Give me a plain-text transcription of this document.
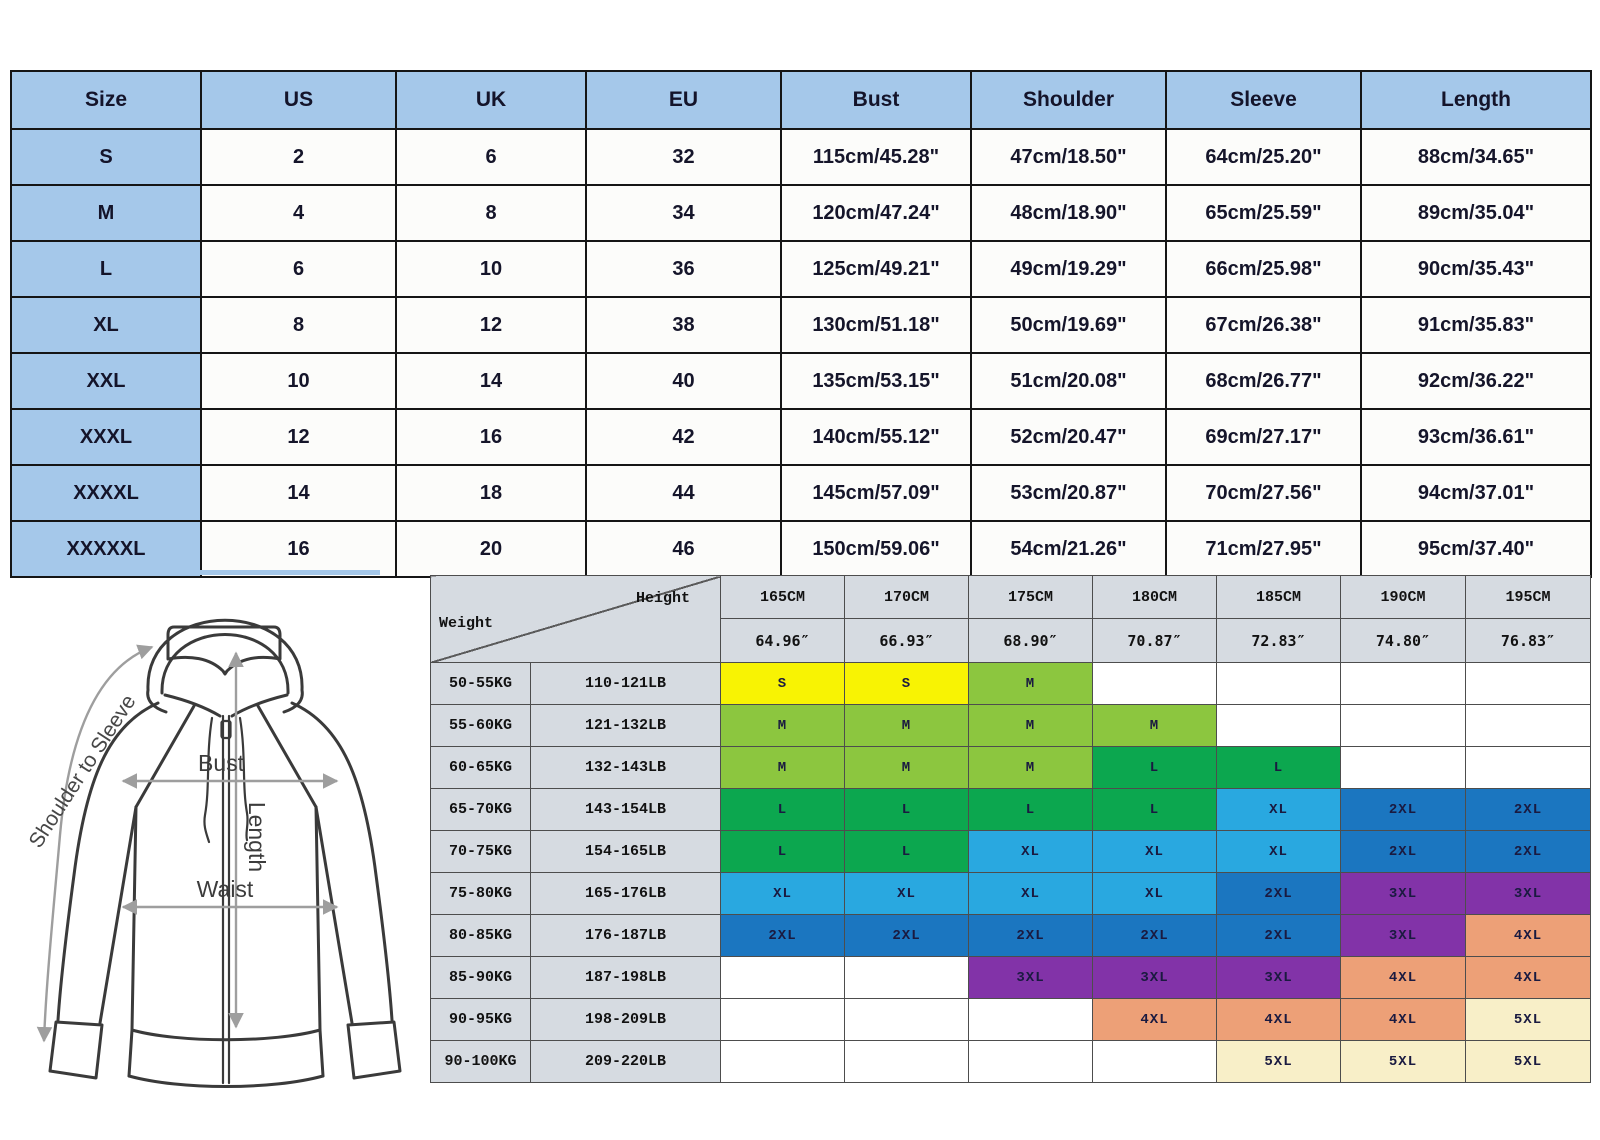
Size	US	UK	EU	Bust	Shoulder	Sleeve	Length
S	2	6	32	115cm/45.28"	47cm/18.50"	64cm/25.20"	88cm/34.65"
M	4	8	34	120cm/47.24"	48cm/18.90"	65cm/25.59"	89cm/35.04"
L	6	10	36	125cm/49.21"	49cm/19.29"	66cm/25.98"	90cm/35.43"
XL	8	12	38	130cm/51.18"	50cm/19.69"	67cm/26.38"	91cm/35.83"
XXL	10	14	40	135cm/53.15"	51cm/20.08"	68cm/26.77"	92cm/36.22"
XXXL	12	16	42	140cm/55.12"	52cm/20.47"	69cm/27.17"	93cm/36.61"
XXXXL	14	18	44	145cm/57.09"	53cm/20.87"	70cm/27.56"	94cm/37.01"
XXXXXL	16	20	46	150cm/59.06"	54cm/21.26"	71cm/27.95"	95cm/37.40"
Shoulder to Sleeve Bust
Length
Waist
Weight
Height		165CM	170CM	175CM	180CM	185CM	190CM	195CM
		64.96″	66.93″	68.90″	70.87″	72.83″	74.80″	76.83″
50-55KG	110-121LB	S	S	M				
55-60KG	121-132LB	M	M	M	M			
60-65KG	132-143LB	M	M	M	L	L		
65-70KG	143-154LB	L	L	L	L	XL	2XL	2XL
70-75KG	154-165LB	L	L	XL	XL	XL	2XL	2XL
75-80KG	165-176LB	XL	XL	XL	XL	2XL	3XL	3XL
80-85KG	176-187LB	2XL	2XL	2XL	2XL	2XL	3XL	4XL
85-90KG	187-198LB			3XL	3XL	3XL	4XL	4XL
90-95KG	198-209LB				4XL	4XL	4XL	5XL
90-100KG	209-220LB					5XL	5XL	5XL
